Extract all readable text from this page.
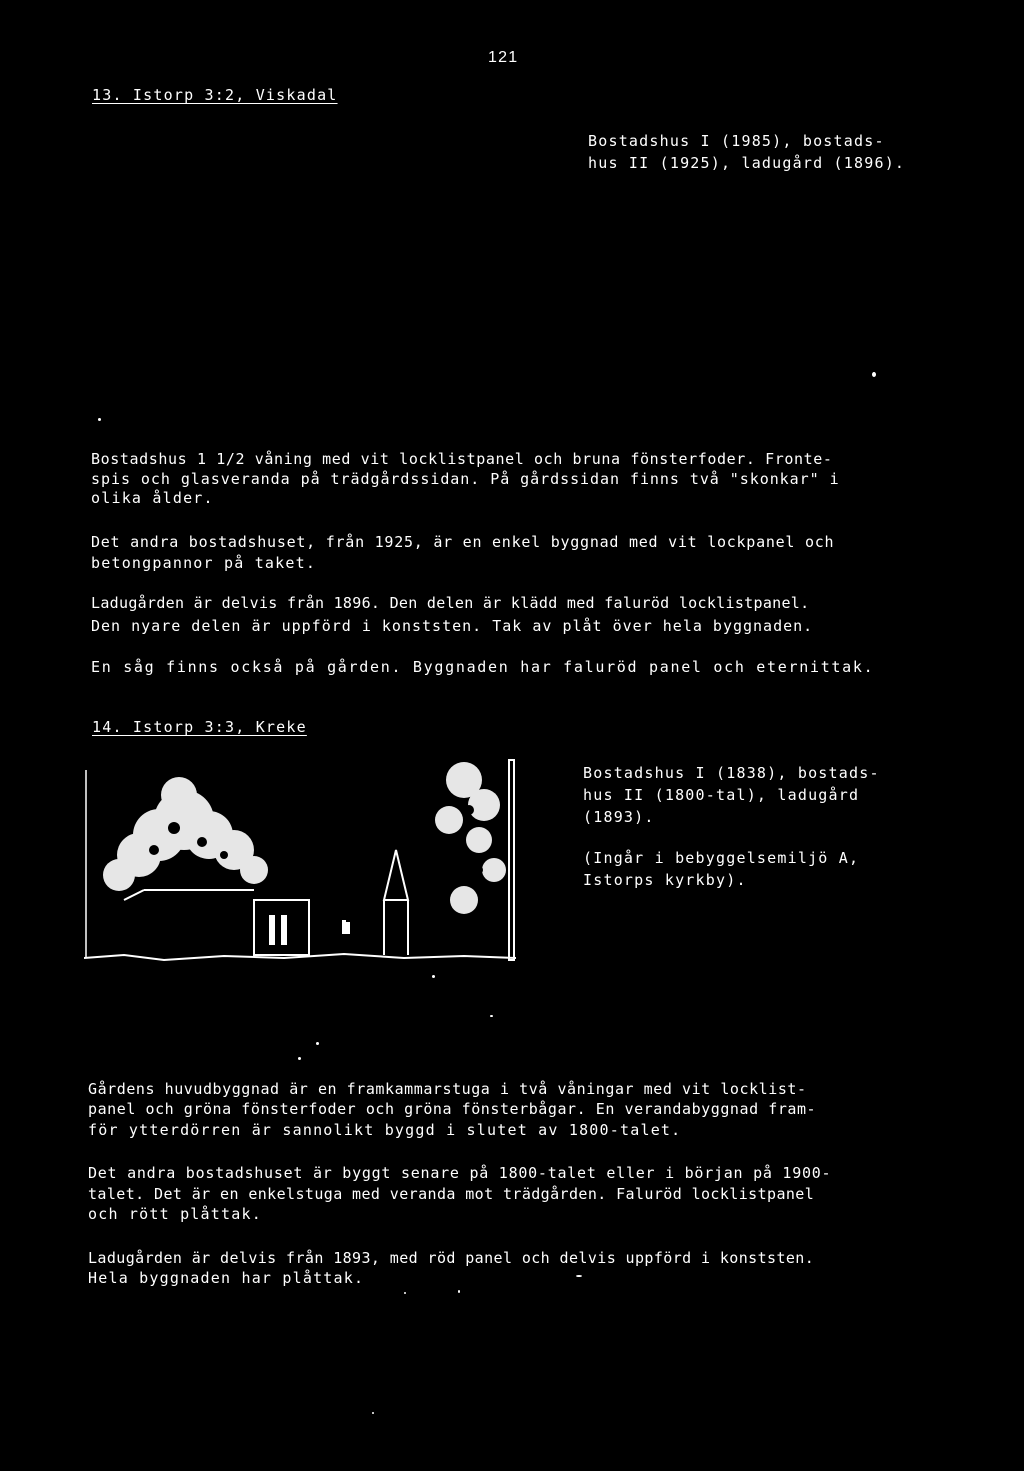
121
13. Istorp 3:2, Viskadal
Bostadshus I (1985), bostads-
hus II (1925), ladugård (1896).
Bostadshus 1 1/2 våning med vit locklistpanel och bruna fönsterfoder. Fronte-
spis och glasveranda på trädgårdssidan. På gårdssidan finns två "skonkar" i
olika ålder.
Det andra bostadshuset, från 1925, är en enkel byggnad med vit lockpanel och
betongpannor på taket.
Ladugården är delvis från 1896. Den delen är klädd med faluröd locklistpanel.
Den nyare delen är uppförd i konststen. Tak av plåt över hela byggnaden.
En såg finns också på gården. Byggnaden har faluröd panel och eternittak.
14. Istorp 3:3, Kreke
Bostadshus I (1838), bostads-
hus II (1800-tal), ladugård
(1893).
(Ingår i bebyggelsemiljö A,
Istorps kyrkby).
Gårdens huvudbyggnad är en framkammarstuga i två våningar med vit locklist-
panel och gröna fönsterfoder och gröna fönsterbågar. En verandabyggnad fram-
för ytterdörren är sannolikt byggd i slutet av 1800-talet.
Det andra bostadshuset är byggt senare på 1800-talet eller i början på 1900-
talet. Det är en enkelstuga med veranda mot trädgården. Faluröd locklistpanel
och rött plåttak.
Ladugården är delvis från 1893, med röd panel och delvis uppförd i konststen.
Hela byggnaden har plåttak.
